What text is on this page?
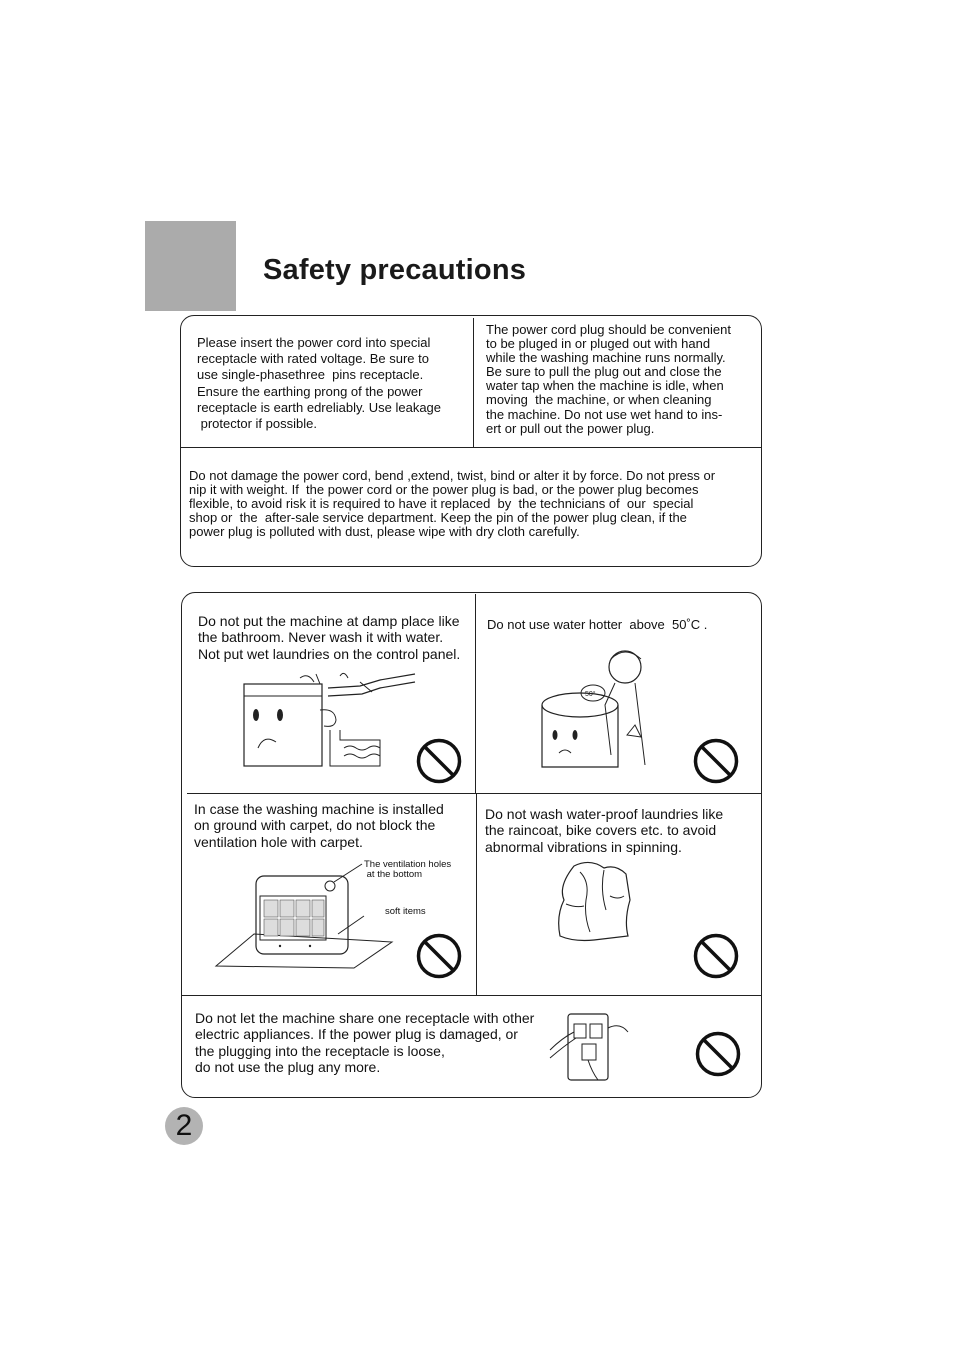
Safety precautions
Please insert the power cord into special
receptacle with rated voltage. Be sure to
use single-phasethree  pins receptacle.
Ensure the earthing prong of the power
receptacle is earth edreliably. Use leakage
protector if possible.
The power cord plug should be convenient
to be pluged in or pluged out with hand
while the washing machine runs normally.
Be sure to pull the plug out and close the
water tap when the machine is idle, when
moving  the machine, or when cleaning
the machine. Do not use wet hand to ins-
ert or pull out the power plug.
Do not damage the power cord, bend ,extend, twist, bind or alter it by force. Do not press or
nip it with weight. If  the power cord or the power plug is bad, or the power plug becomes
flexible, to avoid risk it is required to have it replaced  by  the technicians of  our  special
shop or  the  after-sale service department. Keep the pin of the power plug clean, if the
power plug is polluted with dust, please wipe with dry cloth carefully.
Do not put the machine at damp place like
the bathroom. Never wash it with water.
Not put wet laundries on the control panel.
Do not use water hotter  above  50˚C .
50°
In case the washing machine is installed
on ground with carpet, do not block the
ventilation hole with carpet.
The ventilation holes
at the bottom
soft items
Do not wash water-proof laundries like
the raincoat, bike covers etc. to avoid
abnormal vibrations in spinning.
Do not let the machine share one receptacle with other
electric appliances. If the power plug is damaged, or
the plugging into the receptacle is loose,
do not use the plug any more.
2
